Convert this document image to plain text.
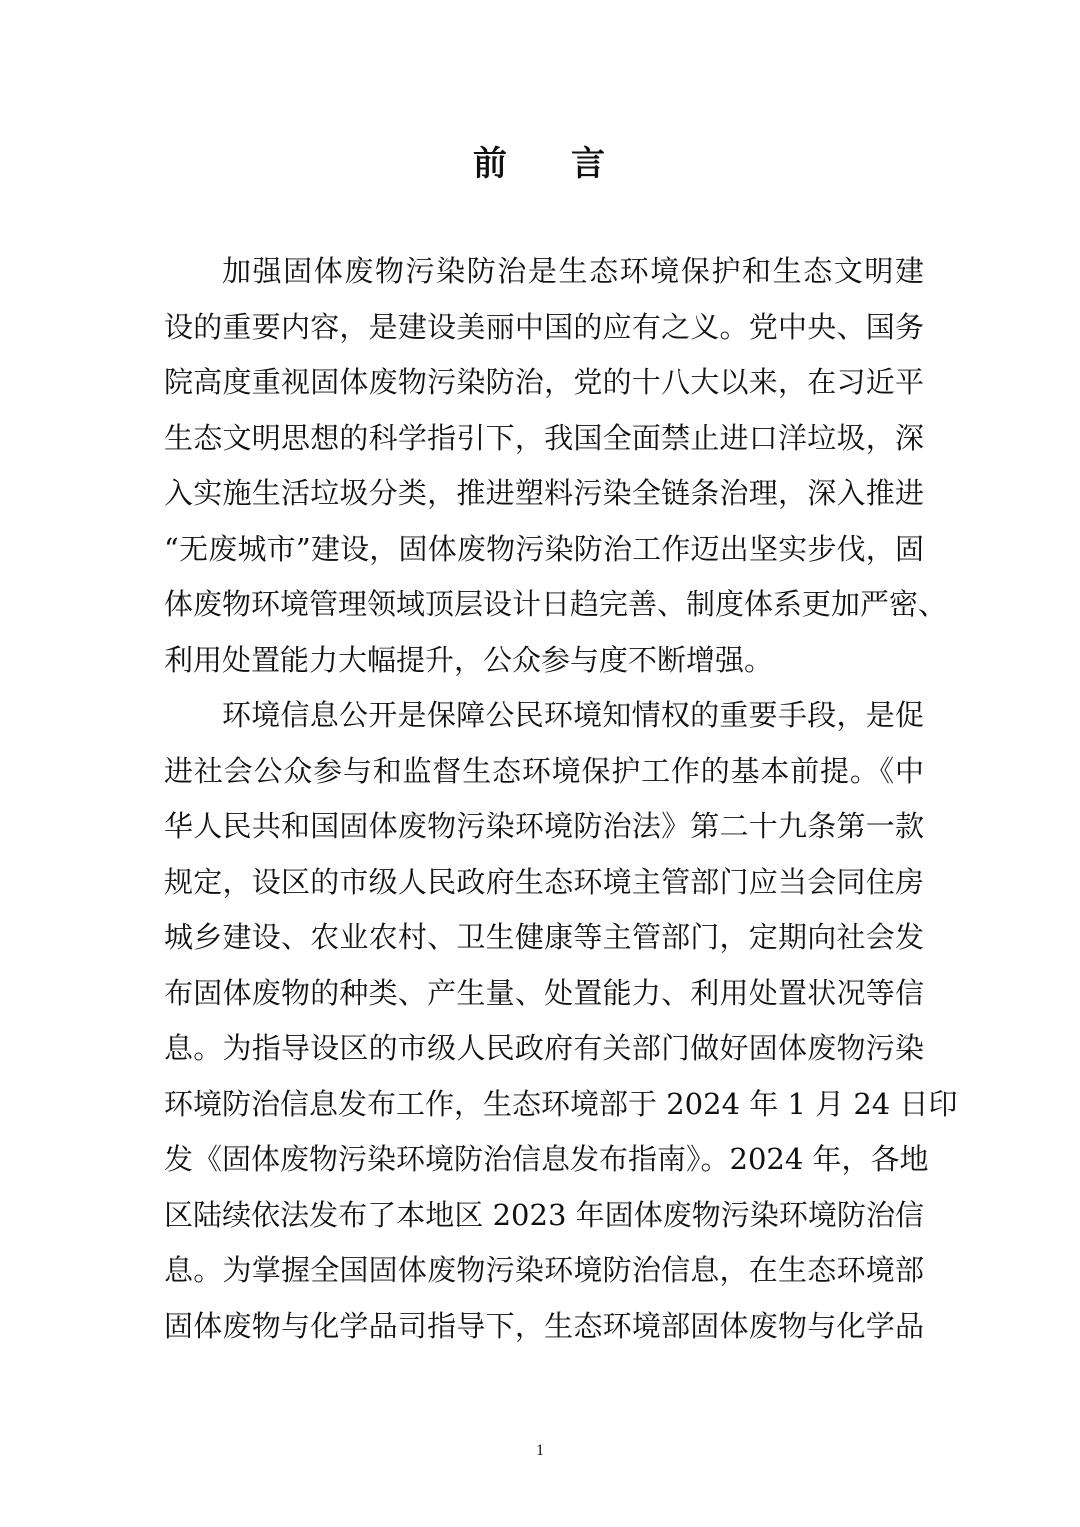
前 言
加强固体废物污染防治是生态环境保护和生态文明建
设的重要内容，是建设美丽中国的应有之义。党中央、国务
院高度重视固体废物污染防治，党的十八大以来，在习近平
生态文明思想的科学指引下，我国全面禁止进口洋垃圾，深
入实施生活垃圾分类，推进塑料污染全链条治理，深入推进
“无废城市”建设，固体废物污染防治工作迈出坚实步伐，固
体废物环境管理领域顶层设计日趋完善、制度体系更加严密、
利用处置能力大幅提升，公众参与度不断增强。
环境信息公开是保障公民环境知情权的重要手段，是促
进社会公众参与和监督生态环境保护工作的基本前提。《中
华人民共和国固体废物污染环境防治法》第二十九条第一款
规定，设区的市级人民政府生态环境主管部门应当会同住房
城乡建设、农业农村、卫生健康等主管部门，定期向社会发
布固体废物的种类、产生量、处置能力、利用处置状况等信
息。为指导设区的市级人民政府有关部门做好固体废物污染
环境防治信息发布工作，生态环境部于 2024 年 1 月 24 日印
发《固体废物污染环境防治信息发布指南》。2024 年，各地
区陆续依法发布了本地区 2023 年固体废物污染环境防治信
息。为掌握全国固体废物污染环境防治信息，在生态环境部
固体废物与化学品司指导下，生态环境部固体废物与化学品
1
